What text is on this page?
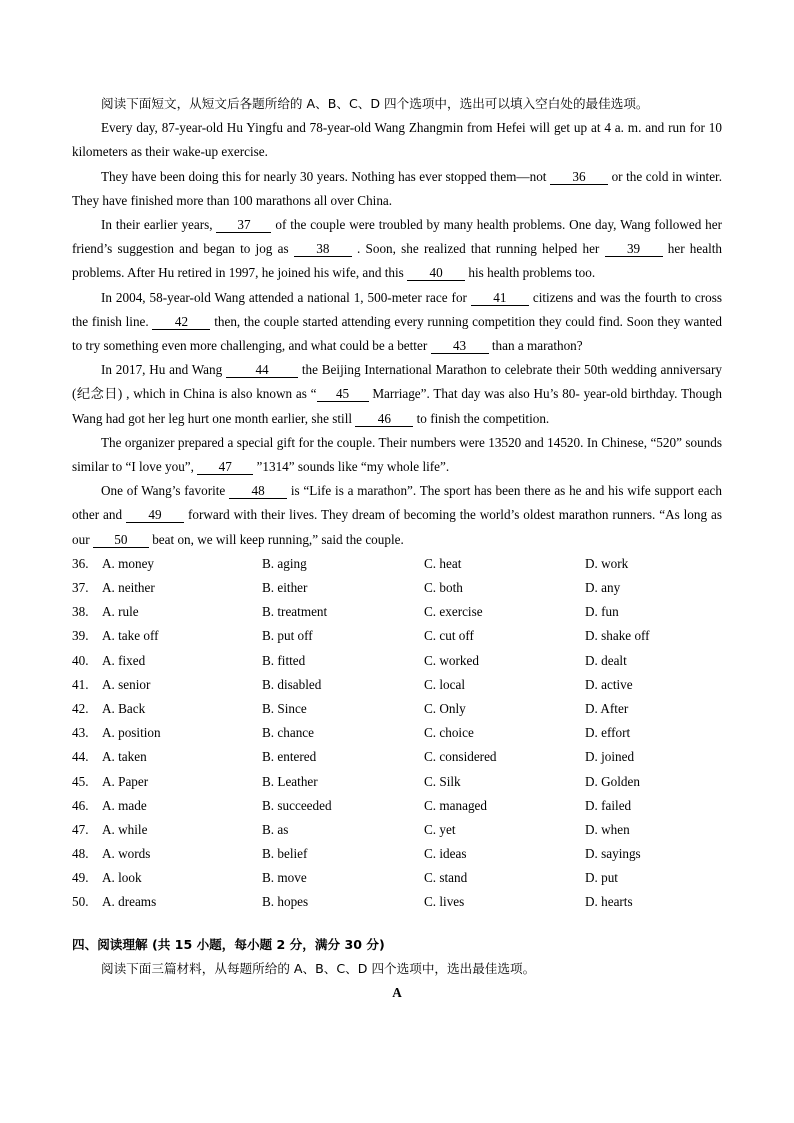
阅读下面短文，从短文后各题所给的 A、B、C、D 四个选项中，选出可以填入空白处的最佳选项。

Every day, 87-year-old Hu Yingfu and 78-year-old Wang Zhangmin from Hefei will get up at 4 a. m. and run for 10 kilometers as their wake-up exercise.

They have been doing this for nearly 30 years. Nothing has ever stopped them—not 36 or the cold in winter. They have finished more than 100 marathons all over China.

In their earlier years, 37 of the couple were troubled by many health problems. One day, Wang followed her friend’s suggestion and began to jog as 38 . Soon, she realized that running helped her 39 her health problems. After Hu retired in 1997, he joined his wife, and this 40 his health problems too.

In 2004, 58-year-old Wang attended a national 1, 500-meter race for 41 citizens and was the fourth to cross the finish line. 42 then, the couple started attending every running competition they could find. Soon they wanted to try something even more challenging, and what could be a better 43 than a marathon?

In 2017, Hu and Wang	44	the Beijing International Marathon to celebrate their 50th wedding anniversary (纪念日) , which in China is also known as “ 45 Marriage”. That day was also Hu’s 80- year-old birthday. Though Wang had got her leg hurt one month earlier, she still 46 to finish the competition.

The organizer prepared a special gift for the couple. Their numbers were 13520 and 14520. In Chinese, “520” sounds similar to “I love you”, 47 ”1314” sounds like “my whole life”.

One of Wang’s favorite 48 is “Life is a marathon”. The sport has been there as he and his wife support each other and 49 forward with their lives. They dream of becoming the world’s oldest marathon runners. “As long as our 50 beat on, we will keep running,” said the couple.

36.	A. money	B. aging	C. heat	D. work
37.	A. neither	B. either	C. both	D. any
38.	A. rule	B. treatment	C. exercise	D. fun
39.	A. take off	B. put off	C. cut off	D. shake off
40.	A. fixed	B. fitted	C. worked	D. dealt
41.	A. senior	B. disabled	C. local	D. active
42.	A. Back	B. Since	C. Only	D. After
43.	A. position	B. chance	C. choice	D. effort
44.	A. taken	B. entered	C. considered	D. joined
45.	A. Paper	B. Leather	C. Silk	D. Golden
46.	A. made	B. succeeded	C. managed	D. failed
47.	A. while	B. as	C. yet	D. when
48.	A. words	B. belief	C. ideas	D. sayings
49.	A. look	B. move	C. stand	D. put
50.	A. dreams	B. hopes	C. lives	D. hearts

四、阅读理解 (共 15 小题，每小题 2 分，满分 30 分)

阅读下面三篇材料，从每题所给的 A、B、C、D 四个选项中，选出最佳选项。

A
